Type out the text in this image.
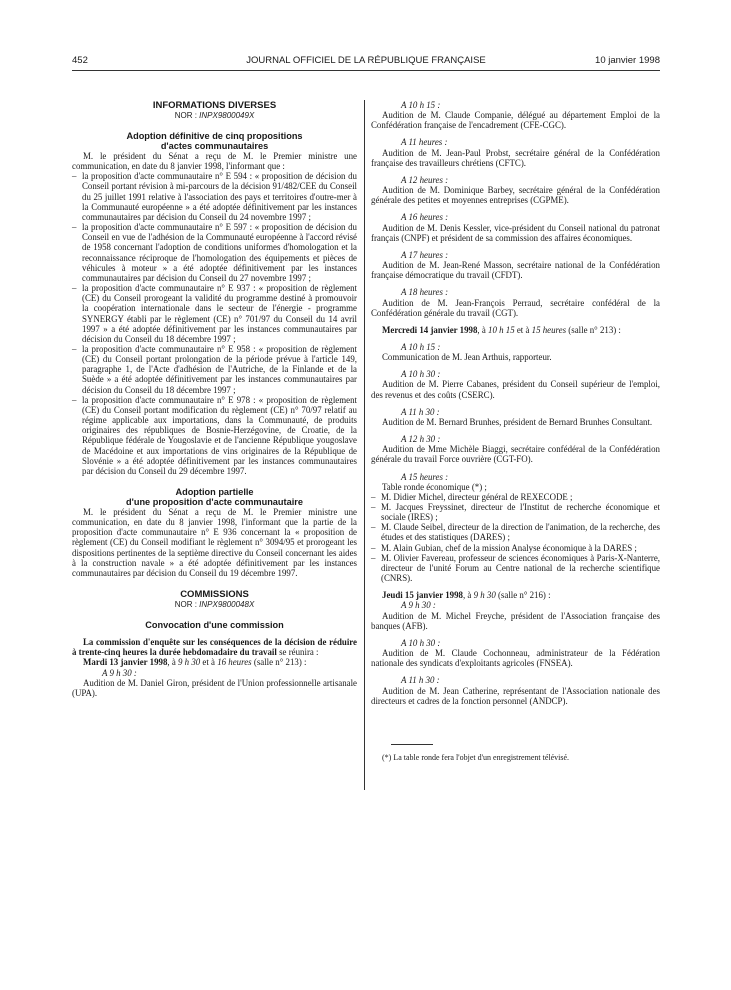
452	JOURNAL OFFICIEL DE LA RÉPUBLIQUE FRANÇAISE	10 janvier 1998
INFORMATIONS DIVERSES
NOR : INPX9800049X
Adoption définitive de cinq propositions
d'actes communautaires
M. le président du Sénat a reçu de M. le Premier ministre une communication, en date du 8 janvier 1998, l'informant que :
– la proposition d'acte communautaire n° E 594 : « proposition de décision du Conseil portant révision à mi-parcours de la décision 91/482/CEE du Conseil du 25 juillet 1991 relative à l'association des pays et territoires d'outre-mer à la Communauté européenne » a été adoptée définitivement par les instances communautaires par décision du Conseil du 24 novembre 1997 ;
– la proposition d'acte communautaire n° E 597 : « proposition de décision du Conseil en vue de l'adhésion de la Communauté européenne à l'accord révisé de 1958 concernant l'adoption de conditions uniformes d'homologation et la reconnaissance réciproque de l'homologation des équipements et pièces de véhicules à moteur » a été adoptée définitivement par les instances communautaires par décision du Conseil du 27 novembre 1997 ;
– la proposition d'acte communautaire n° E 937 : « proposition de règlement (CE) du Conseil prorogeant la validité du programme destiné à promouvoir la coopération internationale dans le secteur de l'énergie - programme SYNERGY établi par le règlement (CE) n° 701/97 du Conseil du 14 avril 1997 » a été adoptée définitivement par les instances communautaires par décision du Conseil du 18 décembre 1997 ;
– la proposition d'acte communautaire n° E 958 : « proposition de règlement (CE) du Conseil portant prolongation de la période prévue à l'article 149, paragraphe 1, de l'Acte d'adhésion de l'Autriche, de la Finlande et de la Suède » a été adoptée définitivement par les instances communautaires par décision du Conseil du 18 décembre 1997 ;
– la proposition d'acte communautaire n° E 978 : « proposition de règlement (CE) du Conseil portant modification du règlement (CE) n° 70/97 relatif au régime applicable aux importations, dans la Communauté, de produits originaires des républiques de Bosnie-Herzégovine, de Croatie, de la République fédérale de Yougoslavie et de l'ancienne République yougoslave de Macédoine et aux importations de vins originaires de la République de Slovénie » a été adoptée définitivement par les instances communautaires par décision du Conseil du 29 décembre 1997.
Adoption partielle
d'une proposition d'acte communautaire
M. le président du Sénat a reçu de M. le Premier ministre une communication, en date du 8 janvier 1998, l'informant que la partie de la proposition d'acte communautaire n° E 936 concernant la « proposition de règlement (CE) du Conseil modifiant le règlement n° 3094/95 et prorogeant les dispositions pertinentes de la septième directive du Conseil concernant les aides à la construction navale » a été adoptée définitivement par les instances communautaires par décision du Conseil du 19 décembre 1997.
COMMISSIONS
NOR : INPX9800048X
Convocation d'une commission
La commission d'enquête sur les conséquences de la décision de réduire à trente-cinq heures la durée hebdomadaire du travail se réunira :
Mardi 13 janvier 1998, à 9 h 30 et à 16 heures (salle n° 213) :
A 9 h 30 :
Audition de M. Daniel Giron, président de l'Union professionnelle artisanale (UPA).
A 10 h 15 :
Audition de M. Claude Companie, délégué au département Emploi de la Confédération française de l'encadrement (CFE-CGC).
A 11 heures :
Audition de M. Jean-Paul Probst, secrétaire général de la Confédération française des travailleurs chrétiens (CFTC).
A 12 heures :
Audition de M. Dominique Barbey, secrétaire général de la Confédération générale des petites et moyennes entreprises (CGPME).
A 16 heures :
Audition de M. Denis Kessler, vice-président du Conseil national du patronat français (CNPF) et président de sa commission des affaires économiques.
A 17 heures :
Audition de M. Jean-René Masson, secrétaire national de la Confédération française démocratique du travail (CFDT).
A 18 heures :
Audition de M. Jean-François Perraud, secrétaire confédéral de la Confédération générale du travail (CGT).
Mercredi 14 janvier 1998, à 10 h 15 et à 15 heures (salle n° 213) :
A 10 h 15 :
Communication de M. Jean Arthuis, rapporteur.
A 10 h 30 :
Audition de M. Pierre Cabanes, président du Conseil supérieur de l'emploi, des revenus et des coûts (CSERC).
A 11 h 30 :
Audition de M. Bernard Brunhes, président de Bernard Brunhes Consultant.
A 12 h 30 :
Audition de Mme Michèle Biaggi, secrétaire confédéral de la Confédération générale du travail Force ouvrière (CGT-FO).
A 15 heures :
Table ronde économique (*) ;
– M. Didier Michel, directeur général de REXECODE ;
– M. Jacques Freyssinet, directeur de l'Institut de recherche économique et sociale (IRES) ;
– M. Claude Seibel, directeur de la direction de l'animation, de la recherche, des études et des statistiques (DARES) ;
– M. Alain Gubian, chef de la mission Analyse économique à la DARES ;
– M. Olivier Favereau, professeur de sciences économiques à Paris-X-Nanterre, directeur de l'unité Forum au Centre national de la recherche scientifique (CNRS).
Jeudi 15 janvier 1998, à 9 h 30 (salle n° 216) :
A 9 h 30 :
Audition de M. Michel Freyche, président de l'Association française des banques (AFB).
A 10 h 30 :
Audition de M. Claude Cochonneau, administrateur de la Fédération nationale des syndicats d'exploitants agricoles (FNSEA).
A 11 h 30 :
Audition de M. Jean Catherine, représentant de l'Association nationale des directeurs et cadres de la fonction personnel (ANDCP).
(*) La table ronde fera l'objet d'un enregistrement télévisé.
